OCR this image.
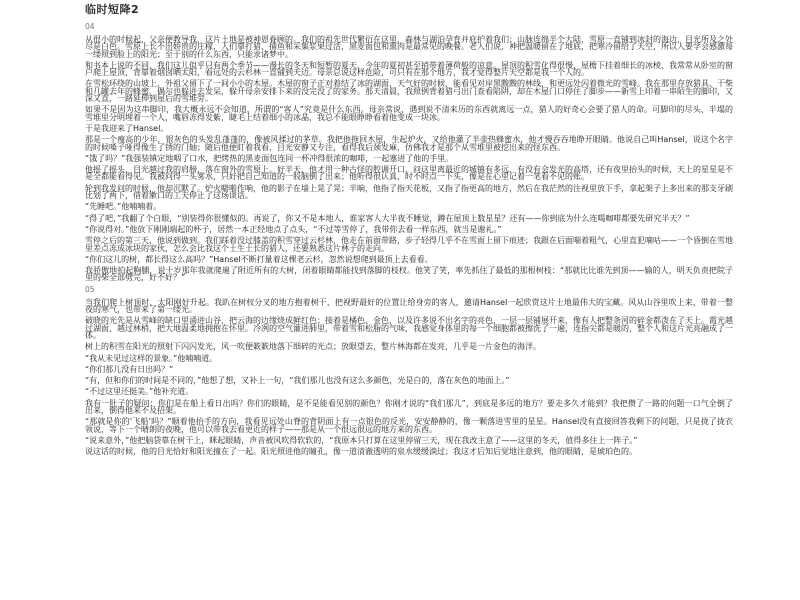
临时短降2
04

从很小的时候起，父亲便教导我，这片土地是被神恩眷顾的。我们的祖先世代繁衍在这里，森林与湖泊孕育并庇护着我们；山脉连绵半个大陆，雪原一直铺到冰封的海边，目光所及之处尽是白色。雪原上长不出娇贵的庄稼，人们靠打猎、捕鱼和采集浆果过活，黑麦面包和熏肉是最常见的晚餐。老人们说，神把温暖留在了地底，把寒冷留给了天空，所以人要学会感激每一缕照到脸上的阳光；至于别的什么东西，只能求诸梦中。

和书本上说的不同，我们这儿似乎只有两个季节——漫长的冬天和短暂的夏天，今年的夏初甚至捎带着薄荷般的凉意。屋顶的积雪化得很慢，屋檐下挂着细长的冰棱，我常常从卧室的窗户爬上屋顶，背靠着烟囱晒太阳，看远处的云杉林一直铺到天边。母亲总说这样危险，可只有在那个地方，我才觉得整片天空都是我一个人的。

在雪松环绕的山坡上，外祖父留下了一间小小的木屋。木屋的窗子正对着结了冰的湖面，天气好的时候，能看见对岸黑黢黢的林线，和更远处闪着微光的雪峰。我在那里存放猎具、干柴和几罐去年的蜂蜜，偶尔也躲进去发呆，躲开母亲安排下来的没完没了的家务。那天清晨，我照例背着猎弓出门查看陷阱，却在木屋门口停住了脚步——新雪上印着一串陌生的脚印，又深又直，一路延伸到屋后的雪堆旁。

如果不是因为这串脚印，我大概永远不会知道，所谓的“客人”究竟是什么东西。母亲常说，遇到说不清来历的东西就离远一点，猎人的好奇心会要了猎人的命。可脚印的尽头、半塌的雪堆里分明埋着一个人，嘴唇冻得发紫，睫毛上结着细小的冰晶，我总不能眼睁睁看着他变成一块冰。

于是我迎来了Hansel。

那是一个瘦高的少年，银灰色的头发乱蓬蓬的，像被风揉过的茅草。我把他拖回木屋，生起炉火，又给他灌了半壶热蜂蜜水，他才慢吞吞地睁开眼睛。他说自己叫Hansel，说这个名字的时候嗓子哑得像生了锈的门轴；随后他便盯着我看，目光安静又专注，看得我后颈发麻，仿佛我才是那个从雪堆里被挖出来的怪东西。

“饿了吗？”我强装镇定地咽了口水，把烤热的黑麦面包连同一杯冲得很浓的咖啡，一起塞进了他的手里。

他摇了摇头，目光越过我的肩膀，落在窗外的雪原上。好半天，他才用一种古怪的腔调开口，问这里离最近的城镇有多远、有没有会发光的高塔，还有夜里抬头的时候，天上的星星是不是全都能看得见。我被问得一头雾水，只好把自己知道的一股脑倒了出来；他听得很认真，时不时点一下头，像是在心里记着一笔看不见的账。

轮到我发问的时候，他却沉默了。炉火噼啪作响，他的影子在墙上晃了晃；半晌，他指了指天花板，又指了指更高的地方，然后在我茫然的注视里放下手，拿起架子上多出来的那支牙刷比划了两下，借着漱口的工夫停止了这场谈话。

“先睡吧。”他喃喃着。

“得了吧，”我翻了个白眼，“别装得你很懂似的。再说了，你又不是本地人，谁家客人大半夜不睡觉，蹲在屋顶上数星星？还有——你到底为什么连喝咖啡都要先研究半天？”

“你说得对。”他放下刚刚端起的杯子，居然一本正经地点了点头，“不过等雪停了，我带你去看一样东西，就当是谢礼。”

雪停之后的第三天，他说到做到。我们踩着没过膝盖的积雪穿过云杉林，他走在前面带路，步子轻得几乎不在雪面上留下痕迹；我跟在后面喘着粗气，心里直犯嘀咕——一个昏倒在雪地里差点冻成冰块的家伙，怎么会比我这个土生土长的猎人，还要熟悉这片林子的走向。

“你们这儿的树，都长得这么高吗？”Hansel不断打量着这棵老云杉，忽然说想爬到最顶上去看看。

我骄傲地拍起胸脯，说十岁那年我就爬遍了附近所有的大树，闭着眼睛都能找到落脚的枝杈。他笑了笑，率先抓住了最低的那根树枝：“那就比比谁先到顶——输的人，明天负责把院子里的柴全部劈完，好不好？”

05

当我们爬上树顶时，太阳刚好升起。我趴在树杈分叉的地方抱着树干，把视野最好的位置让给身旁的客人，邀请Hansel一起欣赏这片土地最伟大的宝藏。风从山谷里吹上来，带着一整夜的寒气，也带来了第一缕光。

破晓的光先是从雪峰的缺口里涌进山谷，把云海的边缘烧成鲜红色；接着是橘色、金色，以及许多说不出名字的亮色，一层一层铺展开来，像有人把整条河的碎金都泼在了天上。霞光越过湖面、越过林梢，把大地温柔地拥抱在怀里。冷冽的空气灌进肺里，带着雪和松脂的气味，我感觉身体里的每一个细胞都被擦洗了一遍，连指尖都是暖的，整个人和这片光亮融成了一体。

树上的积雪在阳光的照射下闪闪发光，风一吹便簌簌地落下细碎的光点；放眼望去，整片林海都在发亮，几乎是一片金色的海洋。

“我从未见过这样的景象。”他喃喃道。

“你们那儿没有日出吗？”

“有，但和你们的时间是不同的，”他想了想，又补上一句，“我们那儿也没有这么多颜色，光是白的，落在灰色的地面上。”

“不过这里还挺美。”他补充道。

我有一肚子的疑问：你们是在船上看日出吗？你们的眼睛，是不是能看见别的颜色？你刚才说的“我们那儿”，到底是多远的地方？要走多久才能到？我把攒了一路的问题一口气全倒了出来，倒得他来不及招架。

“那就是你的‘飞船’吗？”顺着他抬手的方向，我看见远处山脊的背阴面上有一点银色的反光，安安静静的，像一颗落进雪里的星星。Hansel没有直接回答我剩下的问题，只是拢了拢衣领说，等下一个晴朗的夜晚，他可以带我去看更近的样子——那是从一个很远很远的地方来的东西。

“说来意外，”他把脑袋靠在树干上，眯起眼睛，声音被风吹得软软的，“我原本只打算在这里停留三天，现在我改主意了——这里的冬天，值得多住上一阵子。”

说这话的时候，他的目光恰好和阳光撞在了一起。阳光照进他的瞳孔，像一道清澈透明的泉水缓缓淌过；我这才后知后觉地注意到，他的眼睛，是琥珀色的。
